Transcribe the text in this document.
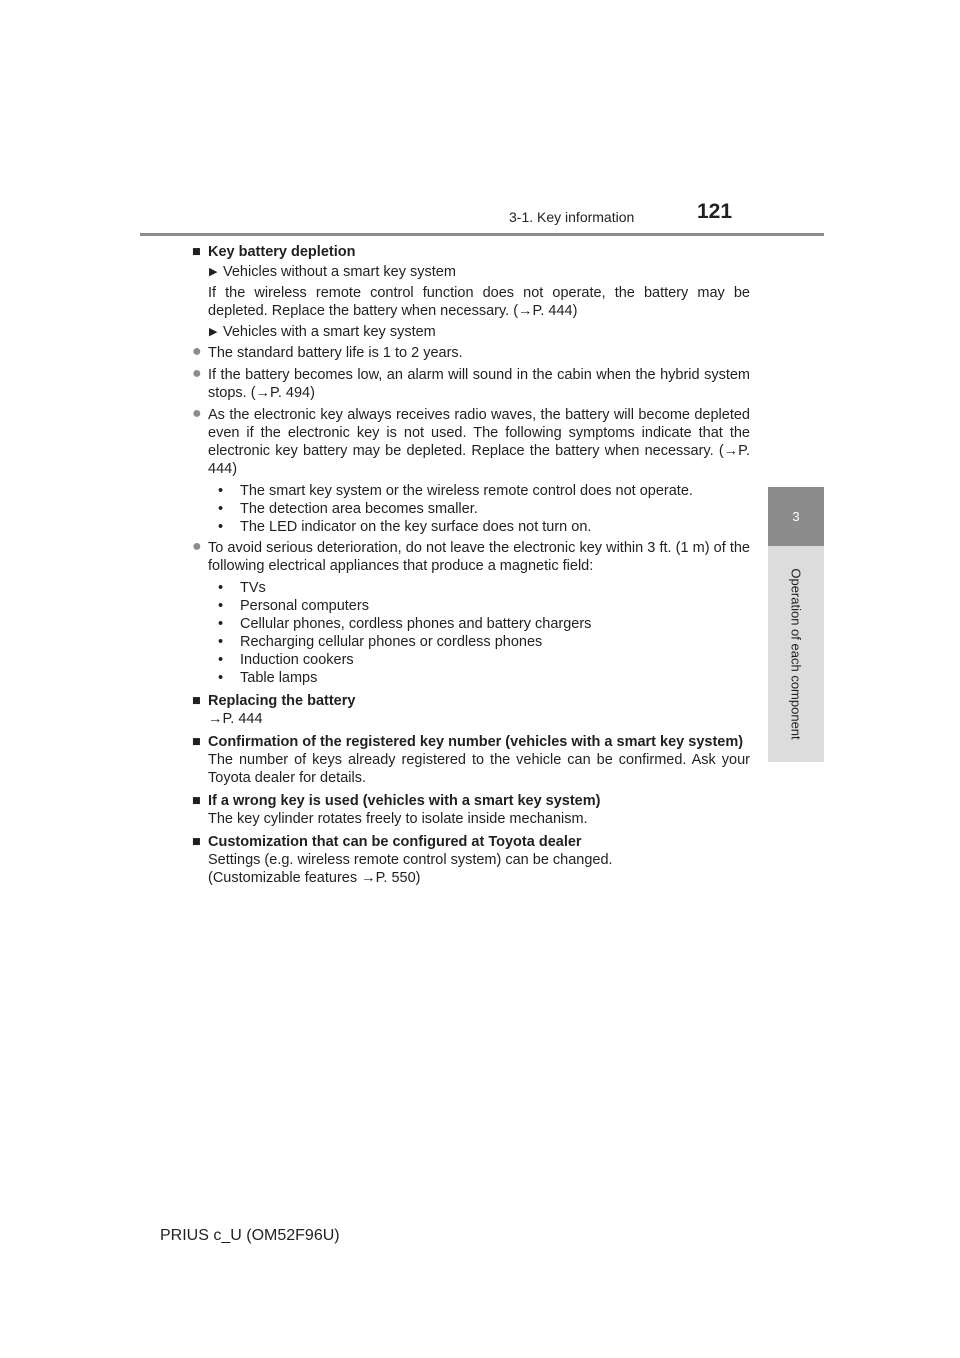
3-1. Key information	121
3
Operation of each component
■ Key battery depletion
▶ Vehicles without a smart key system
If the wireless remote control function does not operate, the battery may be depleted. Replace the battery when necessary. (→P. 444)
▶ Vehicles with a smart key system
● The standard battery life is 1 to 2 years.
● If the battery becomes low, an alarm will sound in the cabin when the hybrid system stops. (→P. 494)
● As the electronic key always receives radio waves, the battery will become depleted even if the electronic key is not used. The following symptoms indicate that the electronic key battery may be depleted. Replace the battery when necessary. (→P. 444)
• The smart key system or the wireless remote control does not operate.
• The detection area becomes smaller.
• The LED indicator on the key surface does not turn on.
● To avoid serious deterioration, do not leave the electronic key within 3 ft. (1 m) of the following electrical appliances that produce a magnetic field:
• TVs
• Personal computers
• Cellular phones, cordless phones and battery chargers
• Recharging cellular phones or cordless phones
• Induction cookers
• Table lamps
■ Replacing the battery
→P. 444
■ Confirmation of the registered key number (vehicles with a smart key system)
The number of keys already registered to the vehicle can be confirmed. Ask your Toyota dealer for details.
■ If a wrong key is used (vehicles with a smart key system)
The key cylinder rotates freely to isolate inside mechanism.
■ Customization that can be configured at Toyota dealer
Settings (e.g. wireless remote control system) can be changed.
(Customizable features →P. 550)
PRIUS c_U (OM52F96U)
